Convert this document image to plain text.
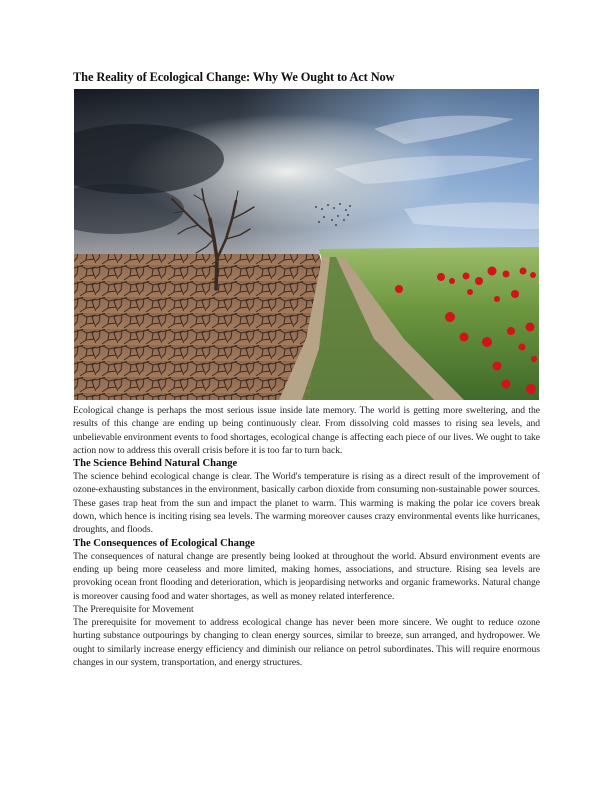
The Reality of Ecological Change: Why We Ought to Act Now

Ecological change is perhaps the most serious issue inside late memory. The world is getting more sweltering, and the results of this change are ending up being continuously clear. From dissolving cold masses to rising sea levels, and unbelievable environment events to food shortages, ecological change is affecting each piece of our lives. We ought to take action now to address this overall crisis before it is too far to turn back.

The Science Behind Natural Change

The science behind ecological change is clear. The World's temperature is rising as a direct result of the improvement of ozone-exhausting substances in the environment, basically carbon dioxide from consuming non-sustainable power sources. These gases trap heat from the sun and impact the planet to warm. This warming is making the polar ice covers break down, which hence is inciting rising sea levels. The warming moreover causes crazy environmental events like hurricanes, droughts, and floods.

The Consequences of Ecological Change

The consequences of natural change are presently being looked at throughout the world. Absurd environment events are ending up being more ceaseless and more limited, making homes, associations, and structure. Rising sea levels are provoking ocean front flooding and deterioration, which is jeopardising networks and organic frameworks. Natural change is moreover causing food and water shortages, as well as money related interference.

The Prerequisite for Movement

The prerequisite for movement to address ecological change has never been more sincere. We ought to reduce ozone hurting substance outpourings by changing to clean energy sources, similar to breeze, sun arranged, and hydropower. We ought to similarly increase energy efficiency and diminish our reliance on petrol subordinates. This will require enormous changes in our system, transportation, and energy structures.
